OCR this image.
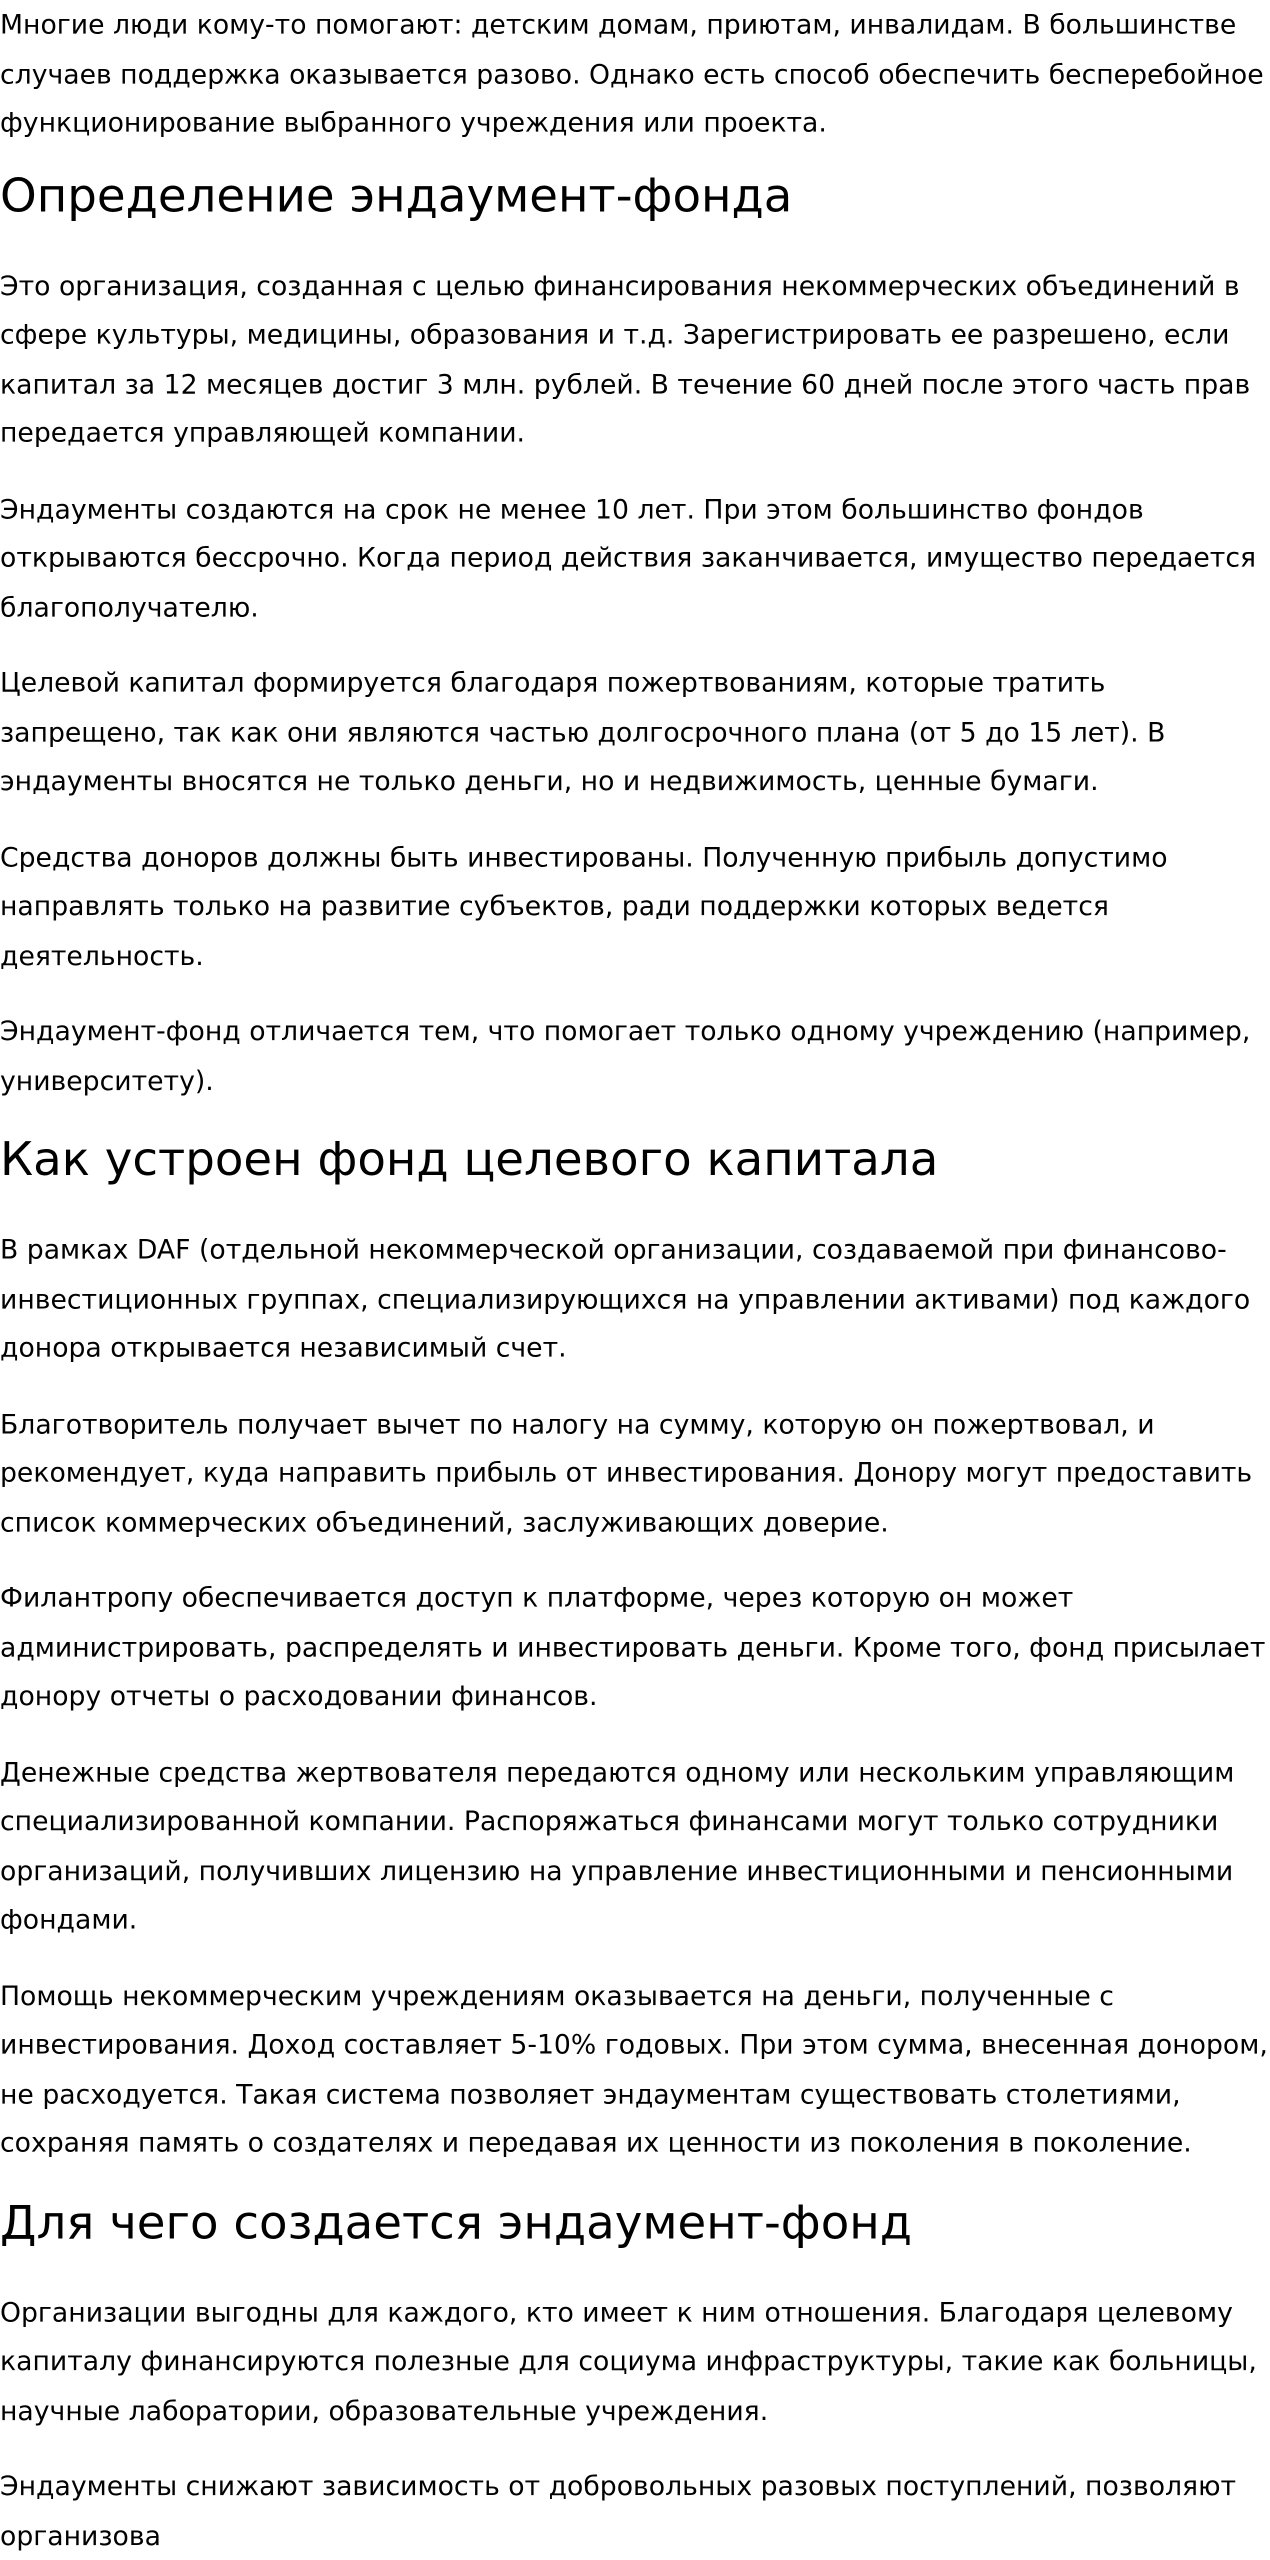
Многие люди кому-то помогают: детским домам, приютам, инвалидам. В большинстве случаев поддержка оказывается разово. Однако есть способ обеспечить бесперебойное функционирование выбранного учреждения или проекта.

Определение эндаумент-фонда

Это организация, созданная с целью финансирования некоммерческих объединений в сфере культуры, медицины, образования и т.д. Зарегистрировать ее разрешено, если капитал за 12 месяцев достиг 3 млн. рублей. В течение 60 дней после этого часть прав передается управляющей компании.

Эндаументы создаются на срок не менее 10 лет. При этом большинство фондов открываются бессрочно. Когда период действия заканчивается, имущество передается благополучателю.

Целевой капитал формируется благодаря пожертвованиям, которые тратить запрещено, так как они являются частью долгосрочного плана (от 5 до 15 лет). В эндаументы вносятся не только деньги, но и недвижимость, ценные бумаги.

Средства доноров должны быть инвестированы. Полученную прибыль допустимо направлять только на развитие субъектов, ради поддержки которых ведется деятельность.

Эндаумент-фонд отличается тем, что помогает только одному учреждению (например, университету).

Как устроен фонд целевого капитала

В рамках DAF (отдельной некоммерческой организации, создаваемой при финансово-инвестиционных группах, специализирующихся на управлении активами) под каждого донора открывается независимый счет.

Благотворитель получает вычет по налогу на сумму, которую он пожертвовал, и рекомендует, куда направить прибыль от инвестирования. Донору могут предоставить список коммерческих объединений, заслуживающих доверие.

Филантропу обеспечивается доступ к платформе, через которую он может администрировать, распределять и инвестировать деньги. Кроме того, фонд присылает донору отчеты о расходовании финансов.

Денежные средства жертвователя передаются одному или нескольким управляющим специализированной компании. Распоряжаться финансами могут только сотрудники организаций, получивших лицензию на управление инвестиционными и пенсионными фондами.

Помощь некоммерческим учреждениям оказывается на деньги, полученные с инвестирования. Доход составляет 5-10% годовых. При этом сумма, внесенная донором, не расходуется. Такая система позволяет эндаументам существовать столетиями, сохраняя память о создателях и передавая их ценности из поколения в поколение.

Для чего создается эндаумент-фонд

Организации выгодны для каждого, кто имеет к ним отношения. Благодаря целевому капиталу финансируются полезные для социума инфраструктуры, такие как больницы, научные лаборатории, образовательные учреждения.

Эндаументы снижают зависимость от добровольных разовых поступлений, позволяют организова
